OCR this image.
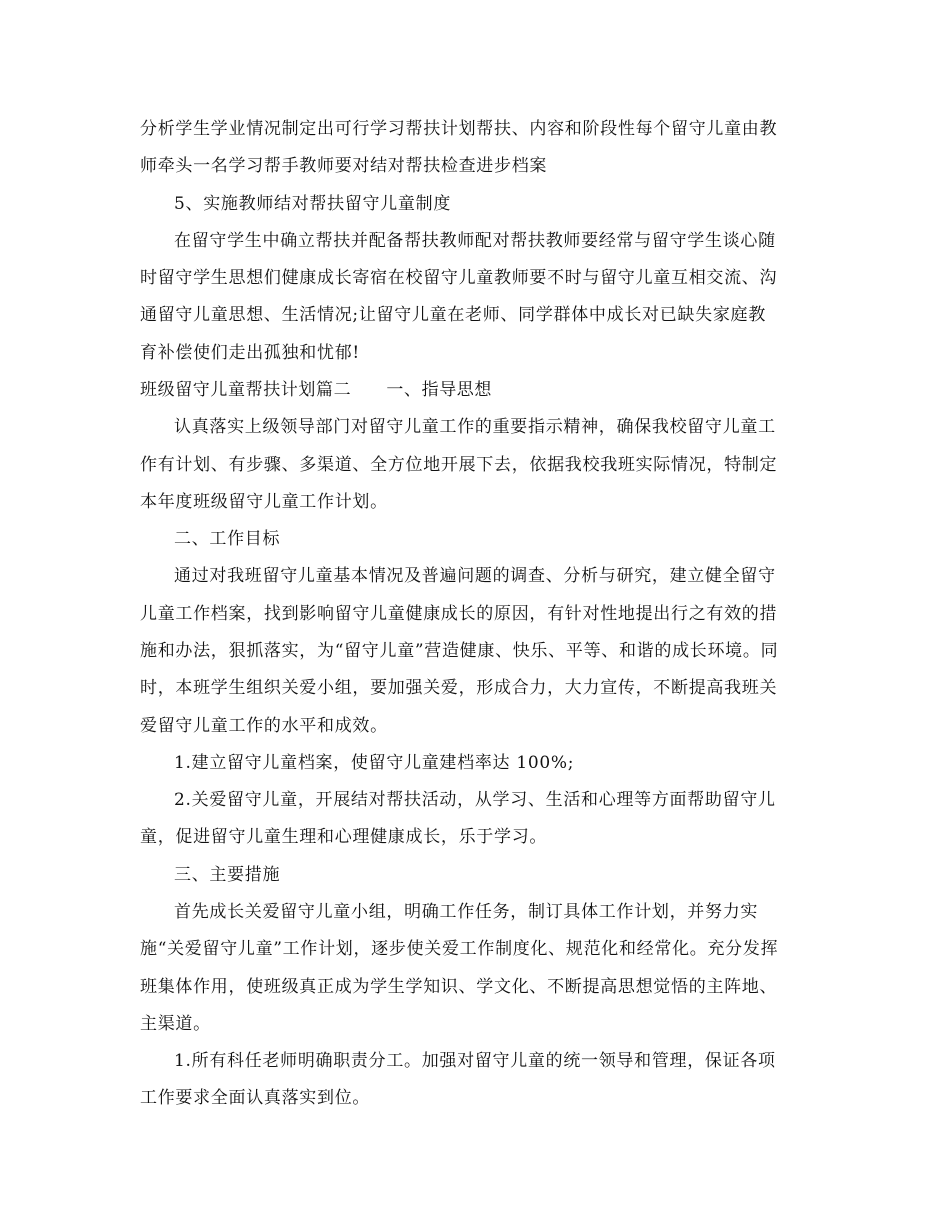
分析学生学业情况制定出可行学习帮扶计划帮扶、内容和阶段性每个留守儿童由教
师牵头一名学习帮手教师要对结对帮扶检查进步档案
5、实施教师结对帮扶留守儿童制度
在留守学生中确立帮扶并配备帮扶教师配对帮扶教师要经常与留守学生谈心随
时留守学生思想们健康成长寄宿在校留守儿童教师要不时与留守儿童互相交流、沟
通留守儿童思想、生活情况;让留守儿童在老师、同学群体中成长对已缺失家庭教
育补偿使们走出孤独和忧郁!
班级留守儿童帮扶计划篇二　　一、指导思想
认真落实上级领导部门对留守儿童工作的重要指示精神，确保我校留守儿童工
作有计划、有步骤、多渠道、全方位地开展下去，依据我校我班实际情况，特制定
本年度班级留守儿童工作计划。
二、工作目标
通过对我班留守儿童基本情况及普遍问题的调查、分析与研究，建立健全留守
儿童工作档案，找到影响留守儿童健康成长的原因，有针对性地提出行之有效的措
施和办法，狠抓落实，为“留守儿童”营造健康、快乐、平等、和谐的成长环境。同
时，本班学生组织关爱小组，要加强关爱，形成合力，大力宣传，不断提高我班关
爱留守儿童工作的水平和成效。
1.建立留守儿童档案，使留守儿童建档率达 100%;
2.关爱留守儿童，开展结对帮扶活动，从学习、生活和心理等方面帮助留守儿
童，促进留守儿童生理和心理健康成长，乐于学习。
三、主要措施
首先成长关爱留守儿童小组，明确工作任务，制订具体工作计划，并努力实
施“关爱留守儿童”工作计划，逐步使关爱工作制度化、规范化和经常化。充分发挥
班集体作用，使班级真正成为学生学知识、学文化、不断提高思想觉悟的主阵地、
主渠道。
1.所有科任老师明确职责分工。加强对留守儿童的统一领导和管理，保证各项
工作要求全面认真落实到位。
